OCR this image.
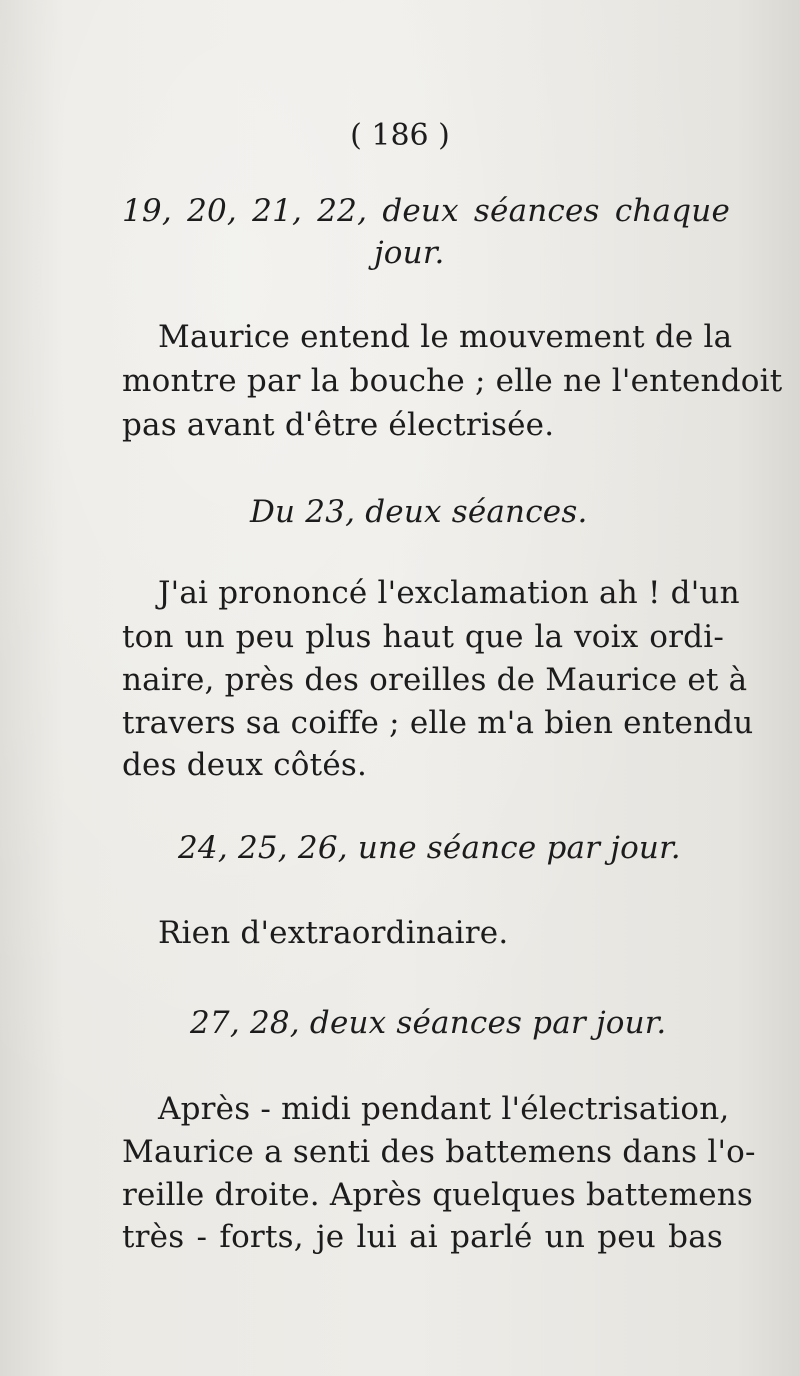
( 186 )
19, 20, 21, 22, deux séances chaque
jour.
Maurice entend le mouvement de la
montre par la bouche ; elle ne l'entendoit
pas avant d'être électrisée.
Du 23, deux séances.
J'ai prononcé l'exclamation ah ! d'un
ton un peu plus haut que la voix ordi-
naire, près des oreilles de Maurice et à
travers sa coiffe ; elle m'a bien entendu
des deux côtés.
24, 25, 26, une séance par jour.
Rien d'extraordinaire.
27, 28, deux séances par jour.
Après - midi pendant l'électrisation,
Maurice a senti des battemens dans l'o-
reille droite. Après quelques battemens
très - forts, je lui ai parlé un peu bas
